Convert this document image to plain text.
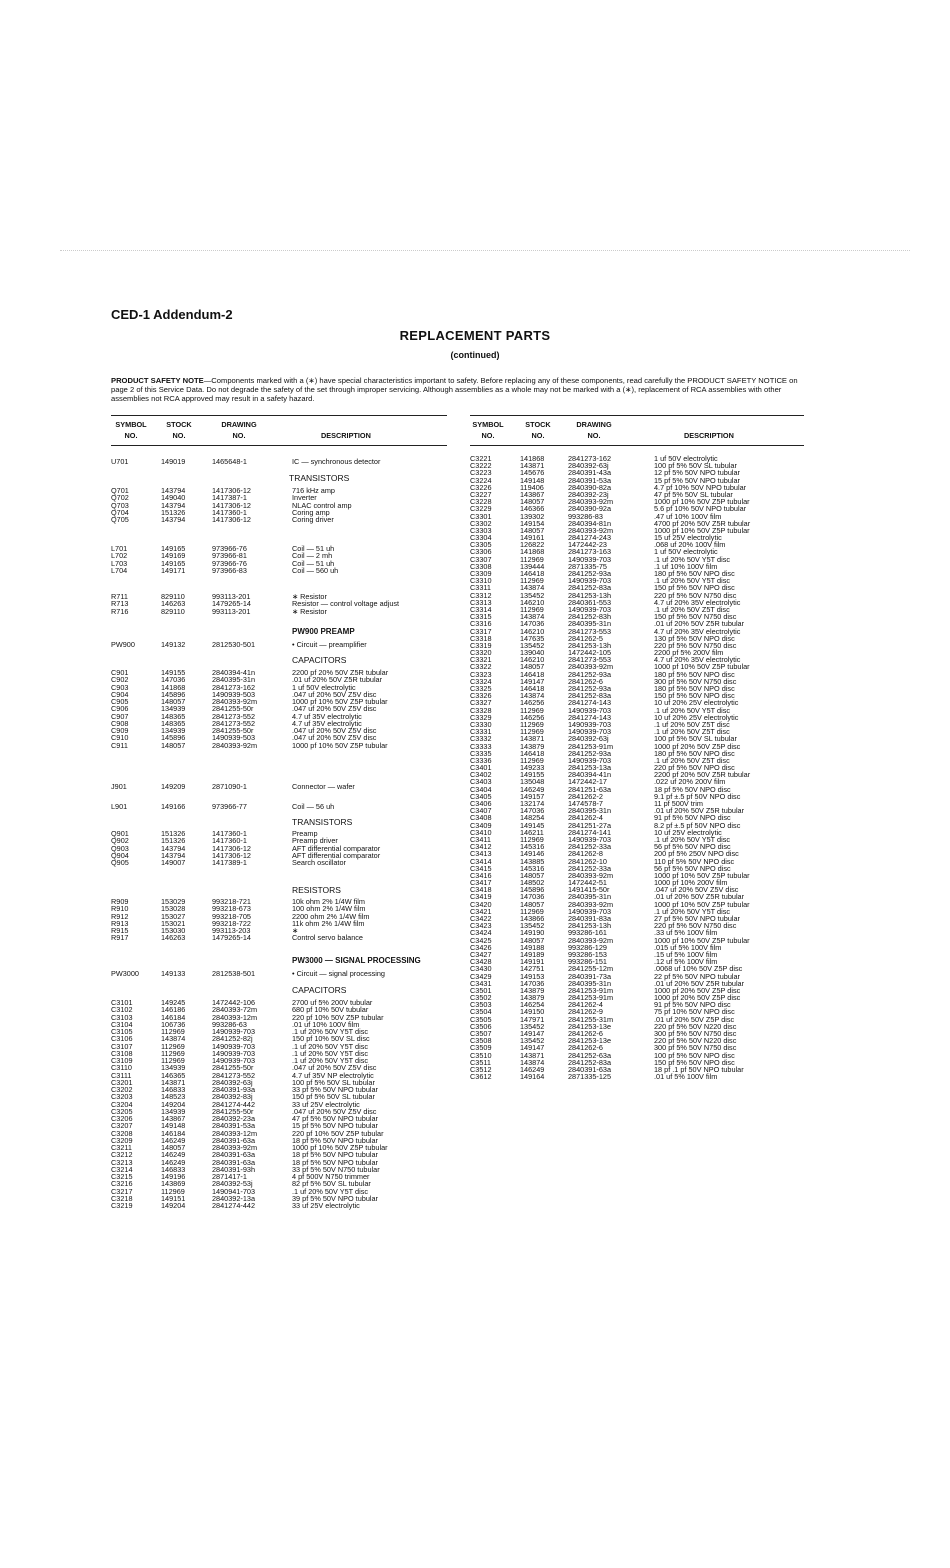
CED-1 Addendum-2
REPLACEMENT PARTS
(continued)
PRODUCT SAFETY NOTE—Components marked with a (∗) have special characteristics important to safety. Before replacing any of these components, read carefully the PRODUCT SAFETY NOTICE on page 2 of this Service Data. Do not degrade the safety of the set through improper servicing. Although assemblies as a whole may not be marked with a (∗), replacement of RCA assemblies with other assemblies not RCA approved may result in a safety hazard.
SYMBOL
NO.
STOCK
NO.
DRAWING
NO.	DESCRIPTION
U701	149019	1465648-1	IC — synchronous detector
Q701	143794	1417306-12	716 kHz amp
Q702	149040	1417387-1	Inverter
Q703	143794	1417306-12	NLAC control amp
Q704	151326	1417360-1	Coring amp
Q705	143794	1417306-12	Coring driver
L701	149165	973966-76	Coil — 51 uh
L702	149169	973966-81	Coil — 2 mh
L703	149165	973966-76	Coil — 51 uh
L704	149171	973966-83	Coil — 560 uh
R711	829110	993113-201	∗ Resistor
R713	146263	1479265-14	Resistor — control voltage adjust
R716	829110	993113-201	∗ Resistor
PW900	149132	2812530-501	• Circuit — preamplifier
C901	149155	2840394-41n	2200 pf 20% 50V Z5R tubular
C902	147036	2840395-31n	.01 uf 20% 50V Z5R tubular
C903	141868	2841273-162	1 uf 50V electrolytic
C904	145896	1490939-503	.047 uf 20% 50V Z5V disc
C905	148057	2840393-92m	1000 pf 10% 50V Z5P tubular
C906	134939	2841255-50r	.047 uf 20% 50V Z5V disc
C907	148365	2841273-552	4.7 uf 35V electrolytic
C908	148365	2841273-552	4.7 uf 35V electrolytic
C909	134939	2841255-50r	.047 uf 20% 50V Z5V disc
C910	145896	1490939-503	.047 uf 20% 50V Z5V disc
C911	148057	2840393-92m	1000 pf 10% 50V Z5P tubular
J901	149209	2871090-1	Connector — wafer
L901	149166	973966-77	Coil — 56 uh
Q901	151326	1417360-1	Preamp
Q902	151326	1417360-1	Preamp driver
Q903	143794	1417306-12	AFT differential comparator
Q904	143794	1417306-12	AFT differential comparator
Q905	149007	1417389-1	Search oscillator
R909	153029	993218-721	10k ohm 2% 1/4W film
R910	153028	993218-673	100 ohm 2% 1/4W film
R912	153027	993218-705	2200 ohm 2% 1/4W film
R913	153021	993218-722	11k ohm 2% 1/4W film
R915	153030	993113-203	∗
R917	146263	1479265-14	Control servo balance
PW3000	149133	2812538-501	• Circuit — signal processing
C3101	149245	1472442-106	2700 uf 5% 200V tubular
C3102	146186	2840393-72m	680 pf 10% 50V tubular
C3103	146184	2840393-12m	220 pf 10% 50V Z5P tubular
C3104	106736	993286-63	.01 uf 10% 100V film
C3105	112969	1490939-703	.1 uf 20% 50V Y5T disc
C3106	143874	2841252-82j	150 pf 10% 50V SL disc
C3107	112969	1490939-703	.1 uf 20% 50V Y5T disc
C3108	112969	1490939-703	.1 uf 20% 50V Y5T disc
C3109	112969	1490939-703	.1 uf 20% 50V Y5T disc
C3110	134939	2841255-50r	.047 uf 20% 50V Z5V disc
C3111	146365	2841273-552	4.7 uf 35V NP electrolytic
C3201	143871	2840392-63j	100 pf 5% 50V SL tubular
C3202	146833	2840391-93a	33 pf 5% 50V NPO tubular
C3203	148523	2840392-83j	150 pf 5% 50V SL tubular
C3204	149204	2841274-442	33 uf 25V electrolytic
C3205	134939	2841255-50r	.047 uf 20% 50V Z5V disc
C3206	143867	2840392-23a	47 pf 5% 50V NPO tubular
C3207	149148	2840391-53a	15 pf 5% 50V NPO tubular
C3208	146184	2840393-12m	220 pf 10% 50V Z5P tubular
C3209	146249	2840391-63a	18 pf 5% 50V NPO tubular
C3211	148057	2840393-92m	1000 pf 10% 50V Z5P tubular
C3212	146249	2840391-63a	18 pf 5% 50V NPO tubular
C3213	146249	2840391-63a	18 pf 5% 50V NPO tubular
C3214	146833	2840391-93h	33 pf 5% 50V N750 tubular
C3215	149196	2871417-1	4 pf 500V N750 trimmer
C3216	143869	2840392-53j	82 pf 5% 50V SL tubular
C3217	112969	1490941-703	.1 uf 20% 50V Y5T disc
C3218	149151	2840392-13a	39 pf 5% 50V NPO tubular
C3219	149204	2841274-442	33 uf 25V electrolytic
TRANSISTORS
PW900 PREAMP
CAPACITORS
TRANSISTORS
RESISTORS
PW3000 — SIGNAL PROCESSING
CAPACITORS
SYMBOL
NO.
STOCK
NO.
DRAWING
NO.	DESCRIPTION
C3221	141868	2841273-162	1 uf 50V electrolytic
C3222	143871	2840392-63j	100 pf 5% 50V SL tubular
C3223	145676	2840391-43a	12 pf 5% 50V NPO tubular
C3224	149148	2840391-53a	15 pf 5% 50V NPO tubular
C3226	119406	2840390-82a	4.7 pf 10% 50V NPO tubular
C3227	143867	2840392-23j	47 pf 5% 50V SL tubular
C3228	148057	2840393-92m	1000 pf 10% 50V Z5P tubular
C3229	146366	2840390-92a	5.6 pf 10% 50V NPO tubular
C3301	139302	993286-83	.47 uf 10% 100V film
C3302	149154	2840394-81n	4700 pf 20% 50V Z5R tubular
C3303	148057	2840393-92m	1000 pf 10% 50V Z5P tubular
C3304	149161	2841274-243	15 uf 25V electrolytic
C3305	126822	1472442-23	.068 uf 20% 100V film
C3306	141868	2841273-163	1 uf 50V electrolytic
C3307	112969	1490939-703	.1 uf 20% 50V Y5T disc
C3308	139444	2871335-75	.1 uf 10% 100V film
C3309	146418	2841252-93a	180 pf 5% 50V NPO disc
C3310	112969	1490939-703	.1 uf 20% 50V Y5T disc
C3311	143874	2841252-83a	150 pf 5% 50V NPO disc
C3312	135452	2841253-13h	220 pf 5% 50V N750 disc
C3313	146210	2840361-553	4.7 uf 20% 35V electrolytic
C3314	112969	1490939-703	.1 uf 20% 50V Z5T disc
C3315	143874	2841252-83h	150 pf 5% 50V N750 disc
C3316	147036	2840395-31n	.01 uf 20% 50V Z5R tubular
C3317	146210	2841273-553	4.7 uf 20% 35V electrolytic
C3318	147635	2841262-5	130 pf 5% 50V NPO disc
C3319	135452	2841253-13h	220 pf 5% 50V N750 disc
C3320	139040	1472442-105	2200 pf 5% 200V film
C3321	146210	2841273-553	4.7 uf 20% 35V electrolytic
C3322	148057	2840393-92m	1000 pf 10% 50V Z5P tubular
C3323	146418	2841252-93a	180 pf 5% 50V NPO disc
C3324	149147	2841262-6	300 pf 5% 50V N750 disc
C3325	146418	2841252-93a	180 pf 5% 50V NPO disc
C3326	143874	2841252-83a	150 pf 5% 50V NPO disc
C3327	146256	2841274-143	10 uf 20% 25V electrolytic
C3328	112969	1490939-703	.1 uf 20% 50V Y5T disc
C3329	146256	2841274-143	10 uf 20% 25V electrolytic
C3330	112969	1490939-703	.1 uf 20% 50V Z5T disc
C3331	112969	1490939-703	.1 uf 20% 50V Z5T disc
C3332	143871	2840392-63j	100 pf 5% 50V SL tubular
C3333	143879	2841253-91m	1000 pf 20% 50V Z5P disc
C3335	146418	2841252-93a	180 pf 5% 50V NPO disc
C3336	112969	1490939-703	.1 uf 20% 50V Z5T disc
C3401	149233	2841253-13a	220 pf 5% 50V NPO disc
C3402	149155	2840394-41n	2200 pf 20% 50V Z5R tubular
C3403	135048	1472442-17	.022 uf 20% 200V film
C3404	146249	2841251-63a	18 pf 5% 50V NPO disc
C3405	149157	2841262-2	9.1 pf ±.5 pf 50V NPO disc
C3406	132174	1474578-7	11 pf 500V trim
C3407	147036	2840395-31n	.01 uf 20% 50V Z5R tubular
C3408	148254	2841262-4	91 pf 5% 50V NPO disc
C3409	149145	2841251-27a	8.2 pf ±.5 pf 50V NPO disc
C3410	146211	2841274-141	10 uf 25V electrolytic
C3411	112969	1490939-703	.1 uf 20% 50V Y5T disc
C3412	145316	2841252-33a	56 pf 5% 50V NPO disc
C3413	149146	2841262-8	200 pf 5% 250V NPO disc
C3414	143885	2841262-10	110 pf 5% 50V NPO disc
C3415	145316	2841252-33a	56 pf 5% 50V NPO disc
C3416	148057	2840393-92m	1000 pf 10% 50V Z5P tubular
C3417	148502	1472442-51	1000 pf 10% 200V film
C3418	145896	1491415-50r	.047 uf 20% 50V Z5V disc
C3419	147036	2840395-31n	.01 uf 20% 50V Z5R tubular
C3420	148057	2840393-92m	1000 pf 10% 50V Z5P tubular
C3421	112969	1490939-703	.1 uf 20% 50V Y5T disc
C3422	143866	2840391-83a	27 pf 5% 50V NPO tubular
C3423	135452	2841253-13h	220 pf 5% 50V N750 disc
C3424	149190	993286-161	.33 uf 5% 100V film
C3425	148057	2840393-92m	1000 pf 10% 50V Z5P tubular
C3426	149188	993286-129	.015 uf 5% 100V film
C3427	149189	993286-153	.15 uf 5% 100V film
C3428	149191	993286-151	.12 uf 5% 100V film
C3430	142751	2841255-12m	.0068 uf 10% 50V Z5P disc
C3429	149153	2840391-73a	22 pf 5% 50V NPO tubular
C3431	147036	2840395-31n	.01 uf 20% 50V Z5R tubular
C3501	143879	2841253-91m	1000 pf 20% 50V Z5P disc
C3502	143879	2841253-91m	1000 pf 20% 50V Z5P disc
C3503	146254	2841262-4	91 pf 5% 50V NPO disc
C3504	149150	2841262-9	75 pf 10% 50V NPO disc
C3505	147971	2841255-31m	.01 uf 20% 50V Z5P disc
C3506	135452	2841253-13e	220 pf 5% 50V N220 disc
C3507	149147	2841262-6	300 pf 5% 50V N750 disc
C3508	135452	2841253-13e	220 pf 5% 50V N220 disc
C3509	149147	2841262-6	300 pf 5% 50V N750 disc
C3510	143871	2841252-63a	100 pf 5% 50V NPO disc
C3511	143874	2841252-83a	150 pf 5% 50V NPO disc
C3512	146249	2840391-63a	18 pf .1 pf 50V NPO tubular
C3612	149164	2871335-125	.01 uf 5% 100V film
